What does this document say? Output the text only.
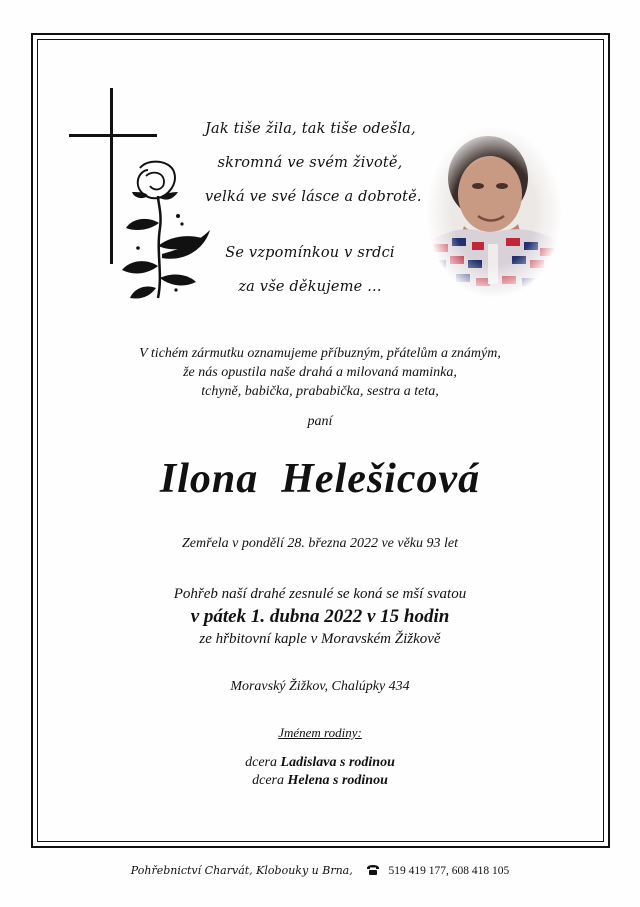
Jak tiše žila, tak tiše odešla,
skromná ve svém životě,
velká ve své lásce a dobrotě.
Se vzpomínkou v srdci
za vše děkujeme ...
V tichém zármutku oznamujeme příbuzným, přátelům a známým,
že nás opustila naše drahá a milovaná maminka,
tchyně, babička, prababička, sestra a teta,
paní
Ilona  Helešicová
Zemřela v pondělí 28. března 2022 ve věku 93 let
Pohřeb naší drahé zesnulé se koná se mší svatou
v pátek 1. dubna 2022 v 15 hodin
ze hřbitovní kaple v Moravském Žižkově
Moravský Žižkov, Chalúpky 434
Jménem rodiny:
dcera Ladislava s rodinou
dcera Helena s rodinou
Pohřebnictví Charvát, Klobouky u Brna,	519 419 177, 608 418 105
